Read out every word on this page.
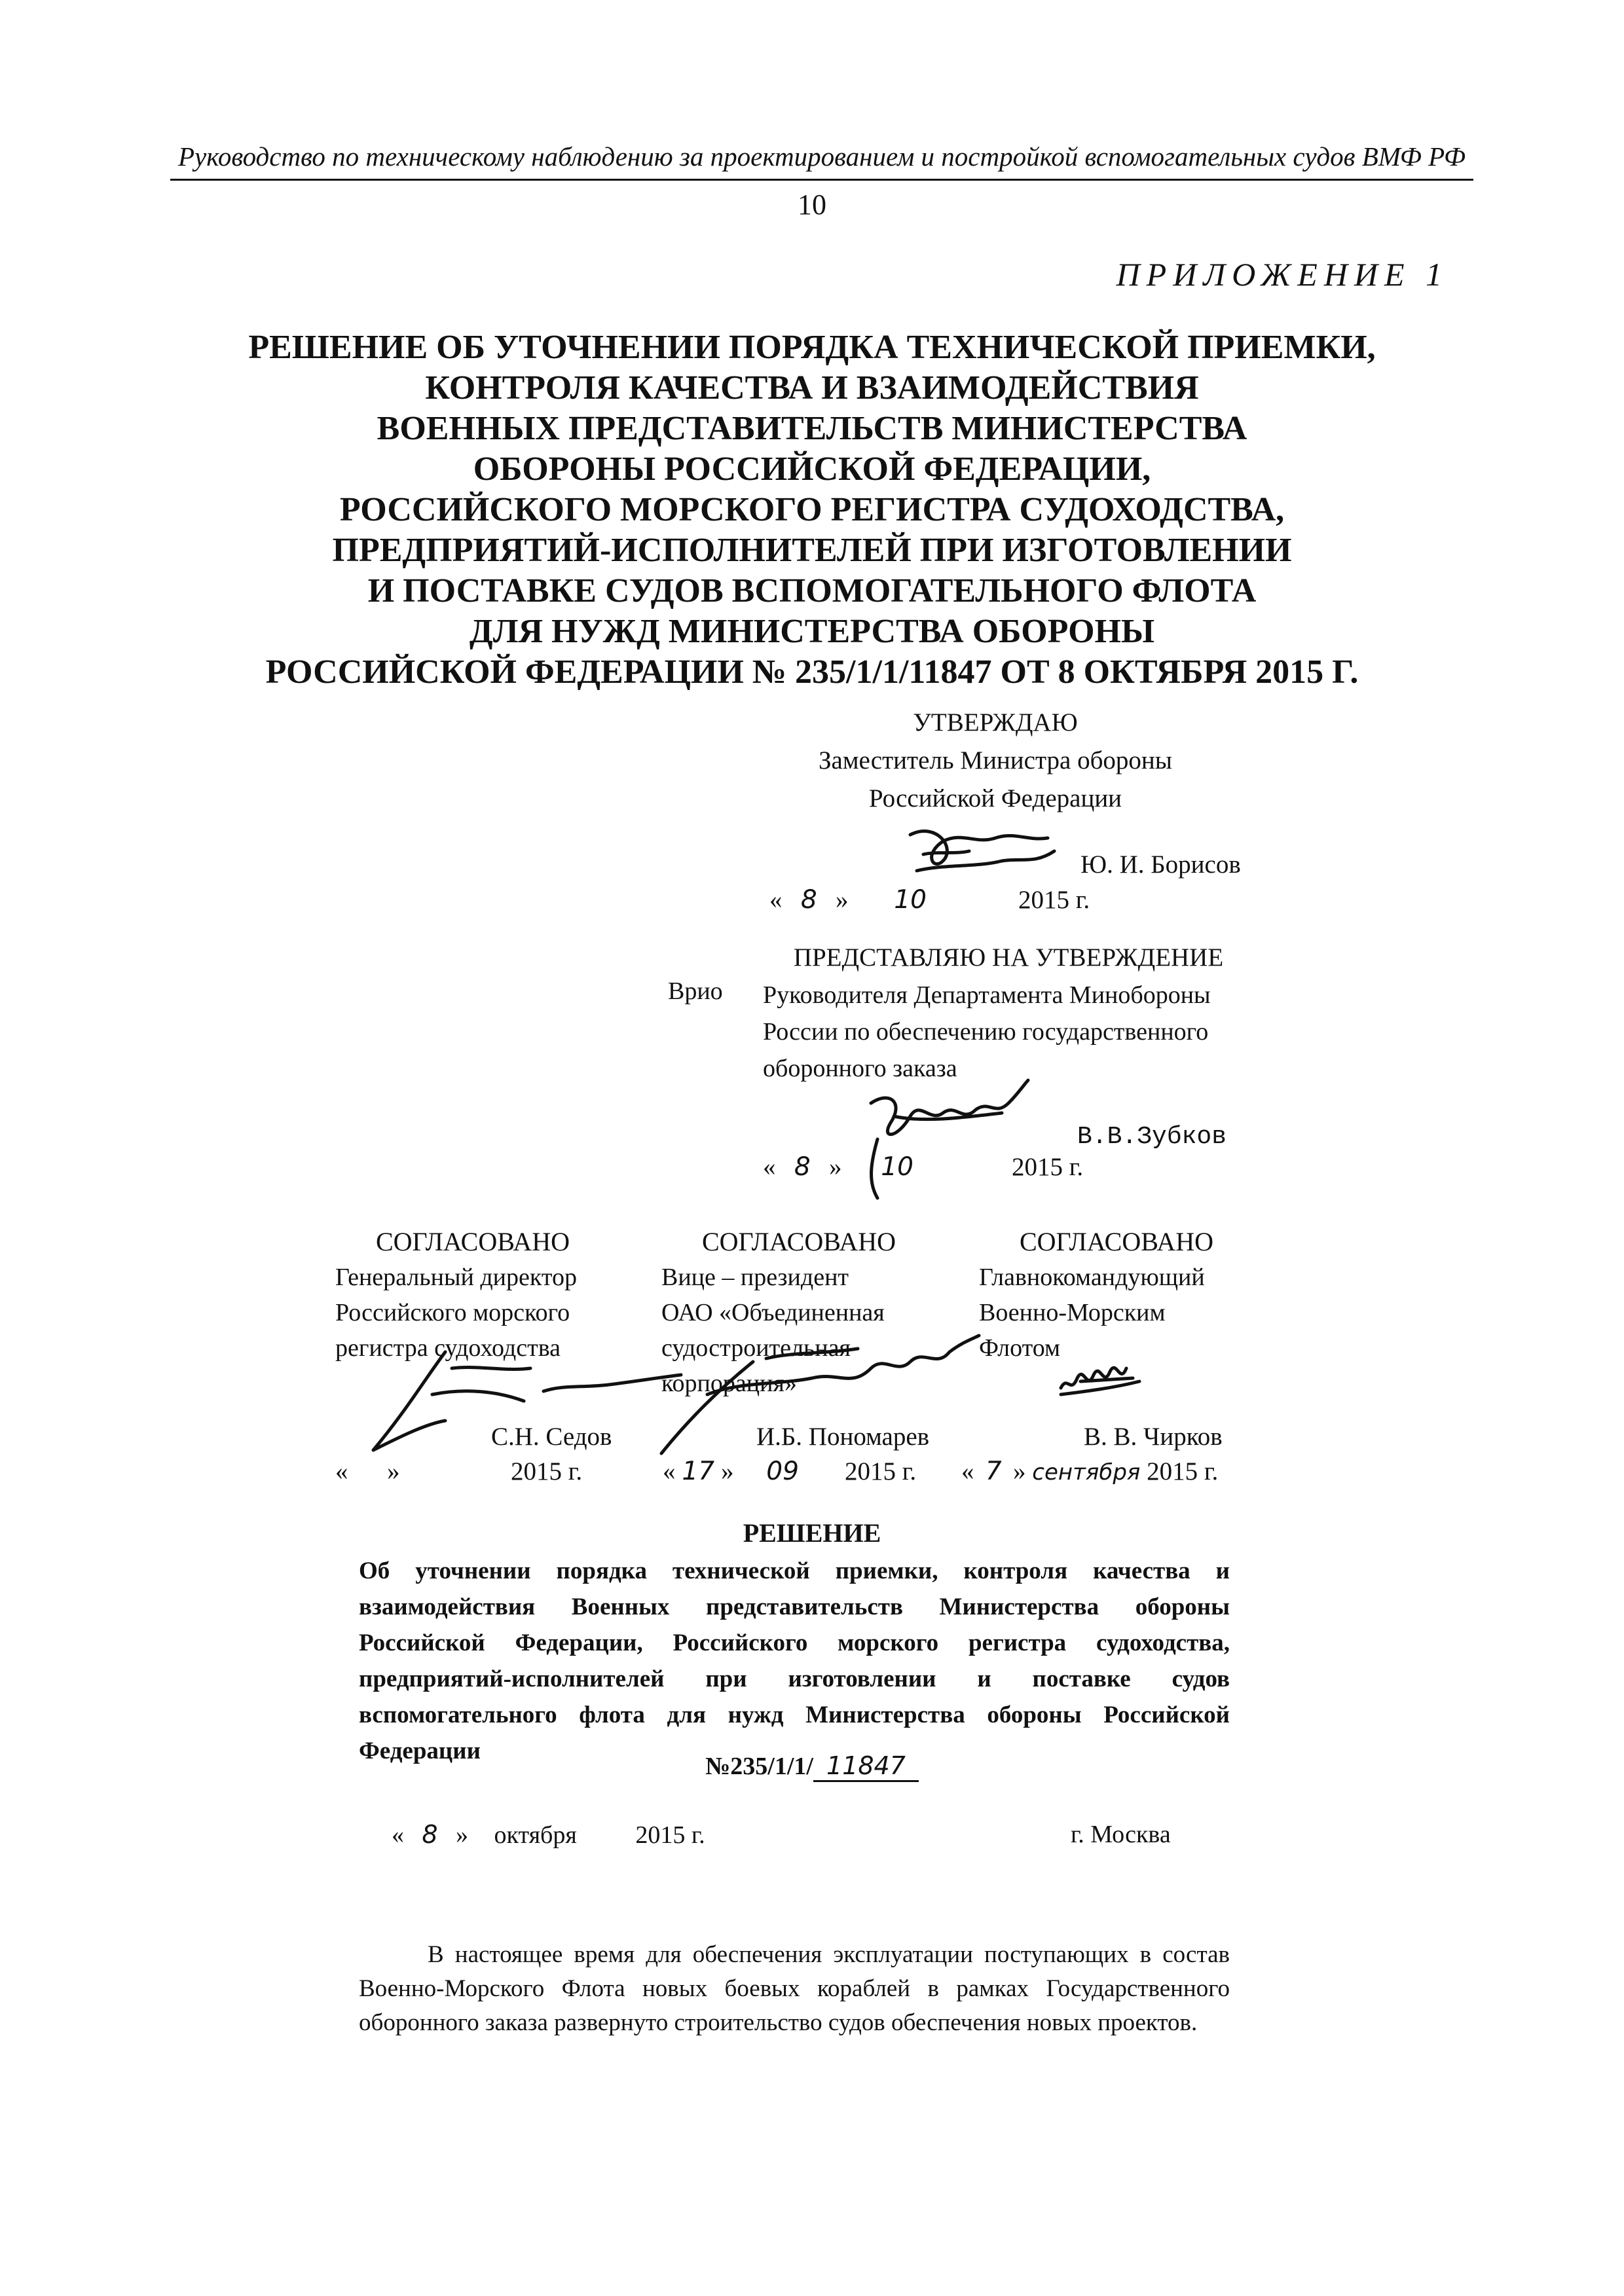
Руководство по техническому наблюдению за проектированием и постройкой вспомогательных судов ВМФ РФ
10
ПРИЛОЖЕНИЕ 1
РЕШЕНИЕ ОБ УТОЧНЕНИИ ПОРЯДКА ТЕХНИЧЕСКОЙ ПРИЕМКИ,
КОНТРОЛЯ КАЧЕСТВА И ВЗАИМОДЕЙСТВИЯ
ВОЕННЫХ ПРЕДСТАВИТЕЛЬСТВ МИНИСТЕРСТВА
ОБОРОНЫ РОССИЙСКОЙ ФЕДЕРАЦИИ,
РОССИЙСКОГО МОРСКОГО РЕГИСТРА СУДОХОДСТВА,
ПРЕДПРИЯТИЙ-ИСПОЛНИТЕЛЕЙ ПРИ ИЗГОТОВЛЕНИИ
И ПОСТАВКЕ СУДОВ ВСПОМОГАТЕЛЬНОГО ФЛОТА
ДЛЯ НУЖД МИНИСТЕРСТВА ОБОРОНЫ
РОССИЙСКОЙ ФЕДЕРАЦИИ № 235/1/1/11847 ОТ 8 ОКТЯБРЯ 2015 Г.
УТВЕРЖДАЮ
Заместитель Министра обороны
Российской Федерации
Ю. И. Борисов
« 8 » 10	2015 г.
ПРЕДСТАВЛЯЮ НА УТВЕРЖДЕНИЕ
Врио Руководителя Департамента Минобороны
России по обеспечению государственного
оборонного заказа
В.В.Зубков
« 8 » 10	2015 г.
СОГЛАСОВАНО
Генеральный директор
Российского морского
регистра судоходства
С.Н. Седов
« »	2015 г.
СОГЛАСОВАНО
Вице – президент
ОАО «Объединенная
судостроительная
корпорация»
И.Б. Пономарев
« 17 » 09 2015 г.
СОГЛАСОВАНО
Главнокомандующий
Военно-Морским
Флотом
В. В. Чирков
« 7 » сентября 2015 г.
РЕШЕНИЕ
Об уточнении порядка технической приемки, контроля качества и взаимодействия Военных представительств Министерства обороны Российской Федерации, Российского морского регистра судоходства, предприятий-исполнителей при изготовлении и поставке судов вспомогательного флота для нужд Министерства обороны Российской Федерации
№235/1/1/ 11847
« 8 » октября 2015 г.	г. Москва
В настоящее время для обеспечения эксплуатации поступающих в состав Военно-Морского Флота новых боевых кораблей в рамках Государственного оборонного заказа развернуто строительство судов обеспечения новых проектов.
